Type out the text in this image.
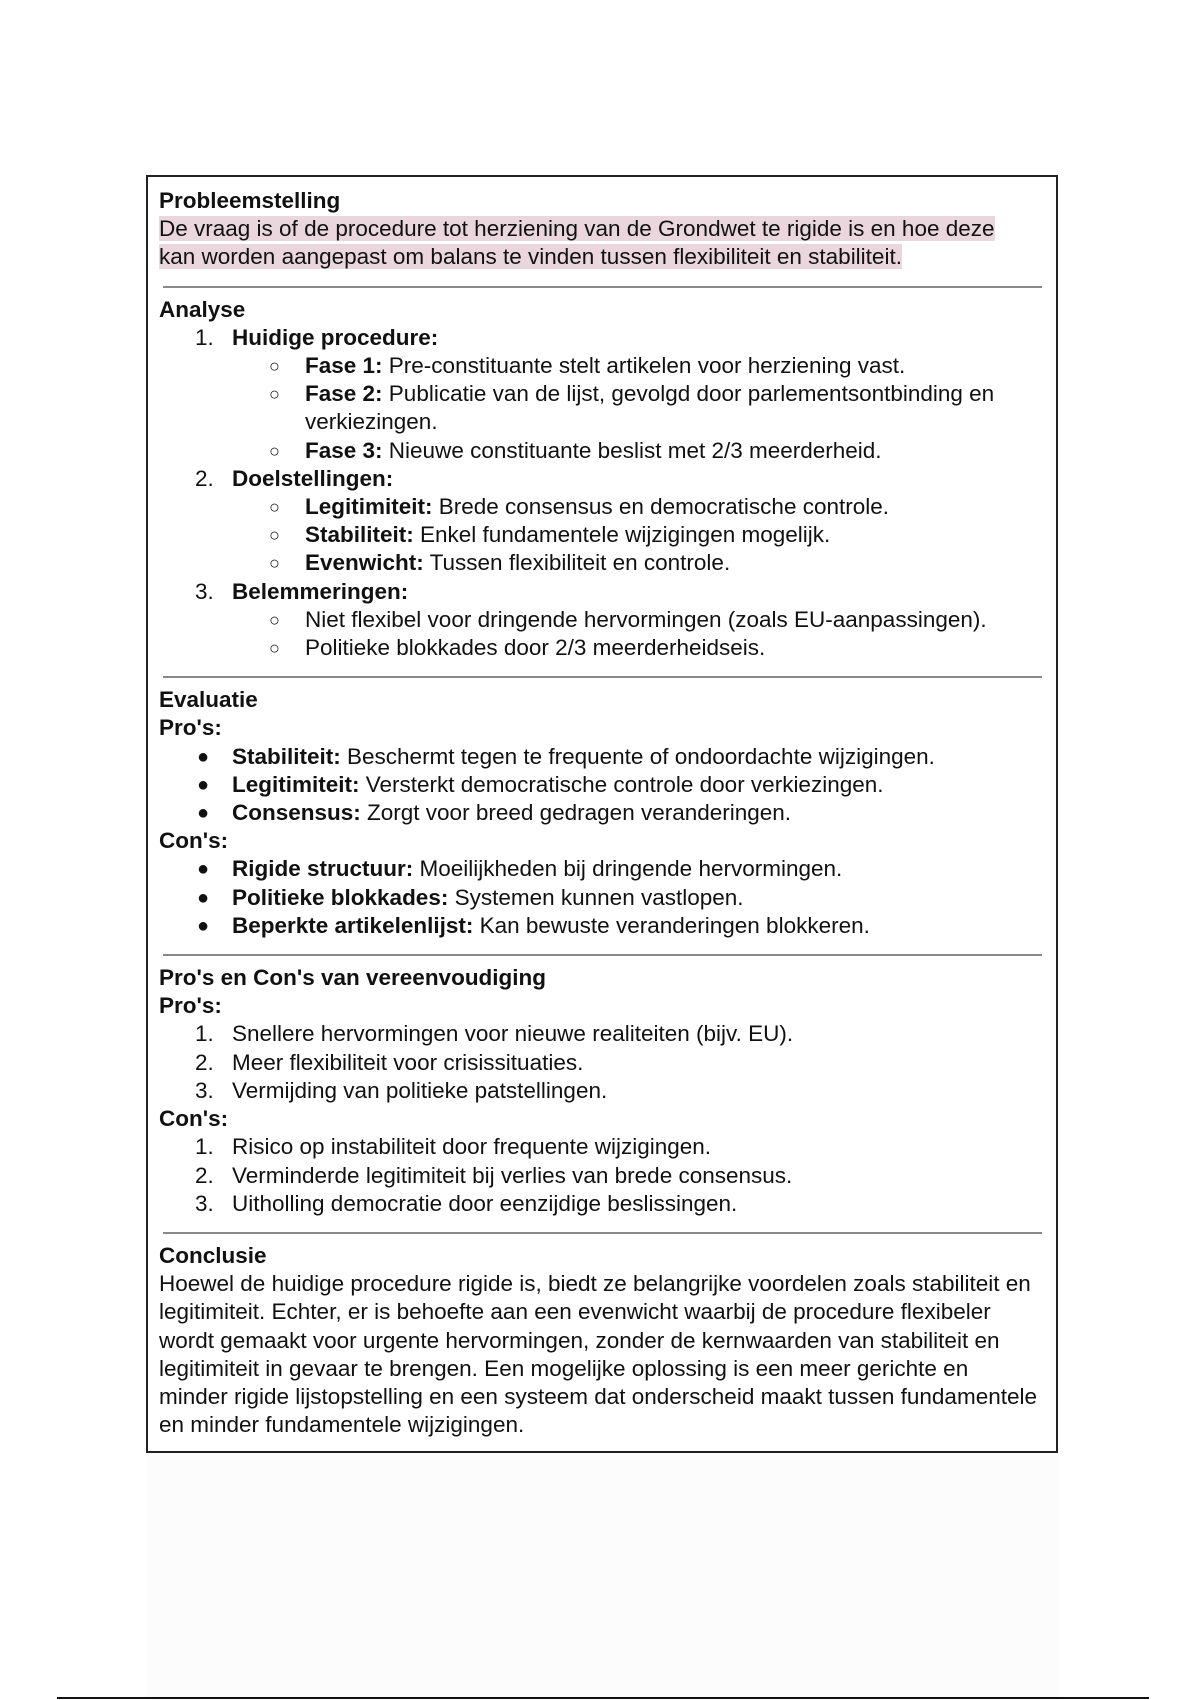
Probleemstelling
De vraag is of de procedure tot herziening van de Grondwet te rigide is en hoe deze kan worden aangepast om balans te vinden tussen flexibiliteit en stabiliteit.
Analyse
1. Huidige procedure:
○ Fase 1: Pre-constituante stelt artikelen voor herziening vast.
○ Fase 2: Publicatie van de lijst, gevolgd door parlementsontbinding en verkiezingen.
○ Fase 3: Nieuwe constituante beslist met 2/3 meerderheid.
2. Doelstellingen:
○ Legitimiteit: Brede consensus en democratische controle.
○ Stabiliteit: Enkel fundamentele wijzigingen mogelijk.
○ Evenwicht: Tussen flexibiliteit en controle.
3. Belemmeringen:
○ Niet flexibel voor dringende hervormingen (zoals EU-aanpassingen).
○ Politieke blokkades door 2/3 meerderheidseis.
Evaluatie
Pro's:
● Stabiliteit: Beschermt tegen te frequente of ondoordachte wijzigingen.
● Legitimiteit: Versterkt democratische controle door verkiezingen.
● Consensus: Zorgt voor breed gedragen veranderingen.
Con's:
● Rigide structuur: Moeilijkheden bij dringende hervormingen.
● Politieke blokkades: Systemen kunnen vastlopen.
● Beperkte artikelenlijst: Kan bewuste veranderingen blokkeren.
Pro's en Con's van vereenvoudiging
Pro's:
1. Snellere hervormingen voor nieuwe realiteiten (bijv. EU).
2. Meer flexibiliteit voor crisissituaties.
3. Vermijding van politieke patstellingen.
Con's:
1. Risico op instabiliteit door frequente wijzigingen.
2. Verminderde legitimiteit bij verlies van brede consensus.
3. Uitholling democratie door eenzijdige beslissingen.
Conclusie
Hoewel de huidige procedure rigide is, biedt ze belangrijke voordelen zoals stabiliteit en legitimiteit. Echter, er is behoefte aan een evenwicht waarbij de procedure flexibeler wordt gemaakt voor urgente hervormingen, zonder de kernwaarden van stabiliteit en legitimiteit in gevaar te brengen. Een mogelijke oplossing is een meer gerichte en minder rigide lijstopstelling en een systeem dat onderscheid maakt tussen fundamentele en minder fundamentele wijzigingen.
